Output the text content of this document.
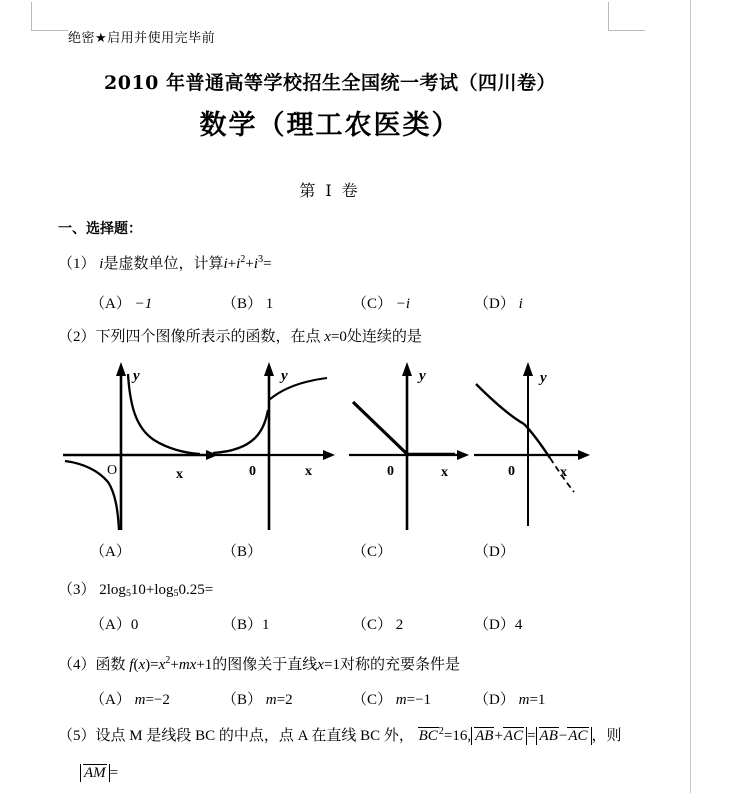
绝密★启用并使用完毕前
2010 年普通高等学校招生全国统一考试（四川卷）
数学（理工农医类）
第 Ⅰ 卷
一、选择题：
（1） i是虚数单位，计算$i+i^2+i^3=$
（A） −1	（B） 1	（C） −i	（D） i
（2）下列四个图像所表示的函数，在点 x=0处连续的是
y
x
O
y
x
0
y
x
0
y
x
0
（A）	（B）	（C）	（D）
（3） $2\log_510+\log_50.25=$
（A）0	（B）1	（C） 2	（D）4
（4）函数 $f(x)=x^2+mx+1$的图像关于直线x=1对称的充要条件是
（A） m=−2	（B） m=2	（C） m=−1	（D） m=1
（5）设点 M 是线段 BC 的中点，点 A 在直线 BC 外， $BC^2=16$, AB+AC = AB−AC ，则
AM =
